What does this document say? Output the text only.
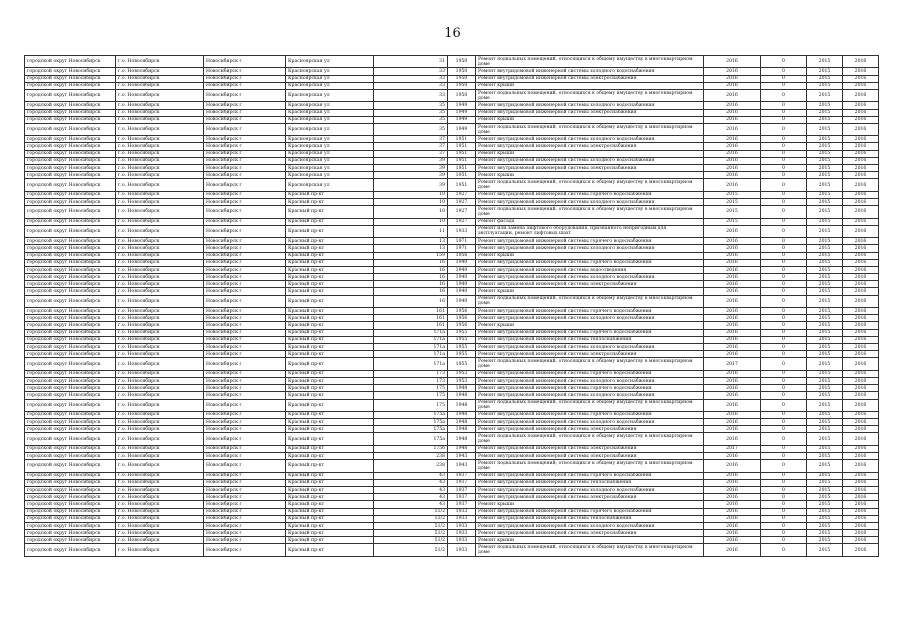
16
городской округ Новосибирск	г.о. Новосибирск	Новосибирск г	Красноярская ул	31	1950	Ремонт подвальных помещений, относящихся к общему имуществу в многоквартирном доме	2016	0	2015	2016
городской округ Новосибирск	г.о. Новосибирск	Новосибирск г	Красноярская ул	33	1950	Ремонт внутридомовой инженерной системы холодного водоснабжения	2016	0	2015	2016
городской округ Новосибирск	г.о. Новосибирск	Новосибирск г	Красноярская ул	33	1950	Ремонт внутридомовой инженерной системы электроснабжения	2016	0	2015	2016
городской округ Новосибирск	г.о. Новосибирск	Новосибирск г	Красноярская ул	33	1950	Ремонт крыши	2016	0	2015	2016
городской округ Новосибирск	г.о. Новосибирск	Новосибирск г	Красноярская ул	33	1950	Ремонт подвальных помещений, относящихся к общему имуществу в многоквартирном доме	2016	0	2015	2016
городской округ Новосибирск	г.о. Новосибирск	Новосибирск г	Красноярская ул	35	1949	Ремонт внутридомовой инженерной системы холодного водоснабжения	2016	0	2015	2016
городской округ Новосибирск	г.о. Новосибирск	Новосибирск г	Красноярская ул	35	1949	Ремонт внутридомовой инженерной системы электроснабжения	2016	0	2015	2016
городской округ Новосибирск	г.о. Новосибирск	Новосибирск г	Красноярская ул	35	1949	Ремонт крыши	2016	0	2015	2016
городской округ Новосибирск	г.о. Новосибирск	Новосибирск г	Красноярская ул	35	1949	Ремонт подвальных помещений, относящихся к общему имуществу в многоквартирном доме	2016	0	2015	2016
городской округ Новосибирск	г.о. Новосибирск	Новосибирск г	Красноярская ул	37	1951	Ремонт внутридомовой инженерной системы холодного водоснабжения	2016	0	2015	2016
городской округ Новосибирск	г.о. Новосибирск	Новосибирск г	Красноярская ул	37	1951	Ремонт внутридомовой инженерной системы электроснабжения	2016	0	2015	2016
городской округ Новосибирск	г.о. Новосибирск	Новосибирск г	Красноярская ул	37	1951	Ремонт крыши	2016	0	2015	2016
городской округ Новосибирск	г.о. Новосибирск	Новосибирск г	Красноярская ул	39	1951	Ремонт внутридомовой инженерной системы холодного водоснабжения	2016	0	2015	2016
городской округ Новосибирск	г.о. Новосибирск	Новосибирск г	Красноярская ул	39	1951	Ремонт внутридомовой инженерной системы электроснабжения	2016	0	2015	2016
городской округ Новосибирск	г.о. Новосибирск	Новосибирск г	Красноярская ул	39	1951	Ремонт крыши	2016	0	2015	2016
городской округ Новосибирск	г.о. Новосибирск	Новосибирск г	Красноярская ул	39	1951	Ремонт подвальных помещений, относящихся к общему имуществу в многоквартирном доме	2016	0	2015	2016
городской округ Новосибирск	г.о. Новосибирск	Новосибирск г	Красный пр-кт	10	1927	Ремонт внутридомовой инженерной системы горячего водоснабжения	2015	0	2015	2016
городской округ Новосибирск	г.о. Новосибирск	Новосибирск г	Красный пр-кт	10	1927	Ремонт внутридомовой инженерной системы холодного водоснабжения	2015	0	2015	2016
городской округ Новосибирск	г.о. Новосибирск	Новосибирск г	Красный пр-кт	10	1927	Ремонт подвальных помещений, относящихся к общему имуществу в многоквартирном доме	2015	0	2015	2016
городской округ Новосибирск	г.о. Новосибирск	Новосибирск г	Красный пр-кт	10	1927	Ремонт фасада	2015	0	2015	2016
городской округ Новосибирск	г.о. Новосибирск	Новосибирск г	Красный пр-кт	11	1933	Ремонт или замена лифтового оборудования, признанного непригодным для эксплуатации, ремонт лифтовых шахт	2016	0	2015	2016
городской округ Новосибирск	г.о. Новосибирск	Новосибирск г	Красный пр-кт	13	1971	Ремонт внутридомовой инженерной системы горячего водоснабжения	2016	0	2015	2016
городской округ Новосибирск	г.о. Новосибирск	Новосибирск г	Красный пр-кт	13	1971	Ремонт внутридомовой инженерной системы холодного водоснабжения	2016	0	2015	2016
городской округ Новосибирск	г.о. Новосибирск	Новосибирск г	Красный пр-кт	159	1956	Ремонт крыши	2016	0	2015	2016
городской округ Новосибирск	г.о. Новосибирск	Новосибирск г	Красный пр-кт	16	1940	Ремонт внутридомовой инженерной системы горячего водоснабжения	2016	0	2015	2016
городской округ Новосибирск	г.о. Новосибирск	Новосибирск г	Красный пр-кт	16	1940	Ремонт внутридомовой инженерной системы водоотведения	2016	0	2015	2016
городской округ Новосибирск	г.о. Новосибирск	Новосибирск г	Красный пр-кт	16	1940	Ремонт внутридомовой инженерной системы холодного водоснабжения	2016	0	2015	2016
городской округ Новосибирск	г.о. Новосибирск	Новосибирск г	Красный пр-кт	16	1940	Ремонт внутридомовой инженерной системы электроснабжения	2016	0	2015	2016
городской округ Новосибирск	г.о. Новосибирск	Новосибирск г	Красный пр-кт	16	1940	Ремонт крыши	2016	0	2015	2016
городской округ Новосибирск	г.о. Новосибирск	Новосибирск г	Красный пр-кт	16	1940	Ремонт подвальных помещений, относящихся к общему имуществу в многоквартирном доме	2016	0	2015	2016
городской округ Новосибирск	г.о. Новосибирск	Новосибирск г	Красный пр-кт	161	1956	Ремонт внутридомовой инженерной системы горячего водоснабжения	2016	0	2015	2016
городской округ Новосибирск	г.о. Новосибирск	Новосибирск г	Красный пр-кт	161	1956	Ремонт внутридомовой инженерной системы холодного водоснабжения	2016	0	2015	2016
городской округ Новосибирск	г.о. Новосибирск	Новосибирск г	Красный пр-кт	161	1956	Ремонт крыши	2016	0	2015	2016
городской округ Новосибирск	г.о. Новосибирск	Новосибирск г	Красный пр-кт	171а	1955	Ремонт внутридомовой инженерной системы горячего водоснабжения	2016	0	2015	2016
городской округ Новосибирск	г.о. Новосибирск	Новосибирск г	Красный пр-кт	171а	1955	Ремонт внутридомовой инженерной системы теплоснабжения	2016	0	2015	2016
городской округ Новосибирск	г.о. Новосибирск	Новосибирск г	Красный пр-кт	171а	1955	Ремонт внутридомовой инженерной системы холодного водоснабжения	2016	0	2015	2016
городской округ Новосибирск	г.о. Новосибирск	Новосибирск г	Красный пр-кт	171а	1955	Ремонт внутридомовой инженерной системы электроснабжения	2016	0	2015	2016
городской округ Новосибирск	г.о. Новосибирск	Новосибирск г	Красный пр-кт	171а	1955	Ремонт подвальных помещений, относящихся к общему имуществу в многоквартирном доме	2017	0	2015	2016
городской округ Новосибирск	г.о. Новосибирск	Новосибирск г	Красный пр-кт	173	1953	Ремонт внутридомовой инженерной системы горячего водоснабжения	2016	0	2015	2016
городской округ Новосибирск	г.о. Новосибирск	Новосибирск г	Красный пр-кт	173	1953	Ремонт внутридомовой инженерной системы холодного водоснабжения	2016	0	2015	2016
городской округ Новосибирск	г.о. Новосибирск	Новосибирск г	Красный пр-кт	175	1948	Ремонт внутридомовой инженерной системы горячего водоснабжения	2016	0	2015	2016
городской округ Новосибирск	г.о. Новосибирск	Новосибирск г	Красный пр-кт	175	1948	Ремонт внутридомовой инженерной системы холодного водоснабжения	2016	0	2015	2016
городской округ Новосибирск	г.о. Новосибирск	Новосибирск г	Красный пр-кт	175	1948	Ремонт подвальных помещений, относящихся к общему имуществу в многоквартирном доме	2016	0	2015	2016
городской округ Новосибирск	г.о. Новосибирск	Новосибирск г	Красный пр-кт	175а	1948	Ремонт внутридомовой инженерной системы горячего водоснабжения	2016	0	2015	2016
городской округ Новосибирск	г.о. Новосибирск	Новосибирск г	Красный пр-кт	175а	1948	Ремонт внутридомовой инженерной системы холодного водоснабжения	2016	0	2015	2016
городской округ Новосибирск	г.о. Новосибирск	Новосибирск г	Красный пр-кт	175а	1948	Ремонт внутридомовой инженерной системы электроснабжения	2016	0	2015	2016
городской округ Новосибирск	г.о. Новосибирск	Новосибирск г	Красный пр-кт	175а	1948	Ремонт подвальных помещений, относящихся к общему имуществу в многоквартирном доме	2016	0	2015	2016
городской округ Новосибирск	г.о. Новосибирск	Новосибирск г	Красный пр-кт	175б	1948	Ремонт внутридомовой инженерной системы электроснабжения	2017	0	2015	2016
городской округ Новосибирск	г.о. Новосибирск	Новосибирск г	Красный пр-кт	238	1943	Ремонт внутридомовой инженерной системы электроснабжения	2016	0	2015	2016
городской округ Новосибирск	г.о. Новосибирск	Новосибирск г	Красный пр-кт	238	1943	Ремонт подвальных помещений, относящихся к общему имуществу в многоквартирном доме	2016	0	2015	2016
городской округ Новосибирск	г.о. Новосибирск	Новосибирск г	Красный пр-кт	43	1937	Ремонт внутридомовой инженерной системы горячего водоснабжения	2016	0	2015	2016
городской округ Новосибирск	г.о. Новосибирск	Новосибирск г	Красный пр-кт	43	1937	Ремонт внутридомовой инженерной системы теплоснабжения	2016	0	2015	2016
городской округ Новосибирск	г.о. Новосибирск	Новосибирск г	Красный пр-кт	43	1937	Ремонт внутридомовой инженерной системы холодного водоснабжения	2016	0	2015	2016
городской округ Новосибирск	г.о. Новосибирск	Новосибирск г	Красный пр-кт	43	1937	Ремонт внутридомовой инженерной системы электроснабжения	2016	0	2015	2016
городской округ Новосибирск	г.о. Новосибирск	Новосибирск г	Красный пр-кт	43	1937	Ремонт крыши	2016	0	2015	2016
городской округ Новосибирск	г.о. Новосибирск	Новосибирск г	Красный пр-кт	51/2	1933	Ремонт внутридомовой инженерной системы горячего водоснабжения	2016	0	2015	2016
городской округ Новосибирск	г.о. Новосибирск	Новосибирск г	Красный пр-кт	51/2	1933	Ремонт внутридомовой инженерной системы теплоснабжения	2016	0	2015	2016
городской округ Новосибирск	г.о. Новосибирск	Новосибирск г	Красный пр-кт	51/2	1933	Ремонт внутридомовой инженерной системы холодного водоснабжения	2016	0	2015	2016
городской округ Новосибирск	г.о. Новосибирск	Новосибирск г	Красный пр-кт	51/2	1933	Ремонт внутридомовой инженерной системы электроснабжения	2016	0	2015	2016
городской округ Новосибирск	г.о. Новосибирск	Новосибирск г	Красный пр-кт	51/2	1933	Ремонт крыши	2016	0	2015	2016
городской округ Новосибирск	г.о. Новосибирск	Новосибирск г	Красный пр-кт	51/2	1933	Ремонт подвальных помещений, относящихся к общему имуществу в многоквартирном доме	2016	0	2015	2016
